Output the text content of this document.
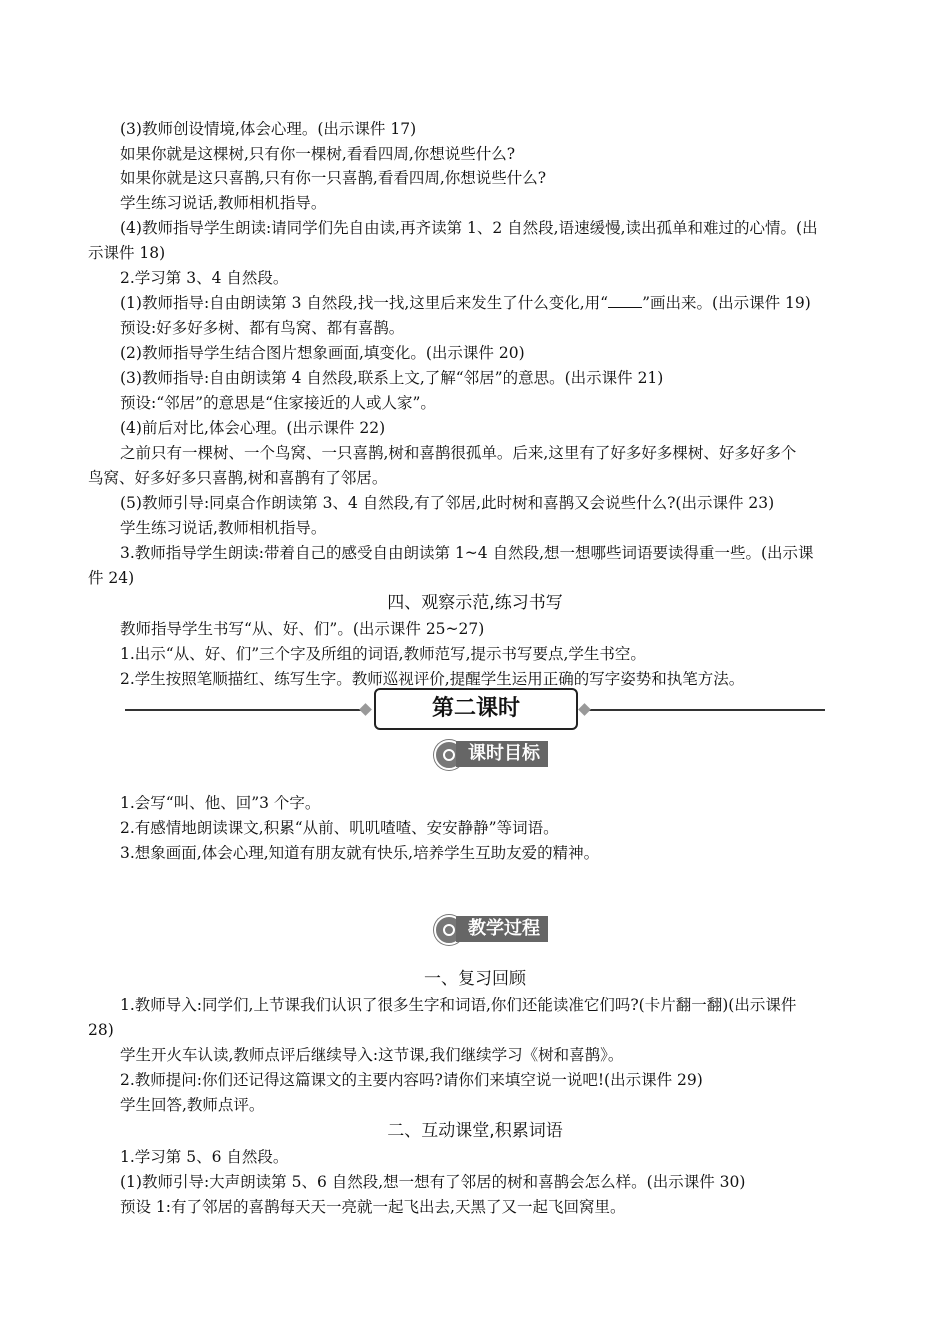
(3)教师创设情境,体会心理。(出示课件 17)
如果你就是这棵树,只有你一棵树,看看四周,你想说些什么?
如果你就是这只喜鹊,只有你一只喜鹊,看看四周,你想说些什么?
学生练习说话,教师相机指导。
(4)教师指导学生朗读:请同学们先自由读,再齐读第 1、2 自然段,语速缓慢,读出孤单和难过的心情。(出
示课件 18)
2.学习第 3、4 自然段。
(1)教师指导:自由朗读第 3 自然段,找一找,这里后来发生了什么变化,用“ ”画出来。(出示课件 19)
预设:好多好多树、都有鸟窝、都有喜鹊。
(2)教师指导学生结合图片想象画面,填变化。(出示课件 20)
(3)教师指导:自由朗读第 4 自然段,联系上文,了解“邻居”的意思。(出示课件 21)
预设:“邻居”的意思是“住家接近的人或人家”。
(4)前后对比,体会心理。(出示课件 22)
之前只有一棵树、一个鸟窝、一只喜鹊,树和喜鹊很孤单。后来,这里有了好多好多棵树、好多好多个
鸟窝、好多好多只喜鹊,树和喜鹊有了邻居。
(5)教师引导:同桌合作朗读第 3、4 自然段,有了邻居,此时树和喜鹊又会说些什么?(出示课件 23)
学生练习说话,教师相机指导。
3.教师指导学生朗读:带着自己的感受自由朗读第 1~4 自然段,想一想哪些词语要读得重一些。(出示课
件 24)
四、观察示范,练习书写
教师指导学生书写“从、好、们”。(出示课件 25~27)
1.出示“从、好、们”三个字及所组的词语,教师范写,提示书写要点,学生书空。
2.学生按照笔顺描红、练写生字。教师巡视评价,提醒学生运用正确的写字姿势和执笔方法。
第二课时
课时目标
1.会写“叫、他、回”3 个字。
2.有感情地朗读课文,积累“从前、叽叽喳喳、安安静静”等词语。
3.想象画面,体会心理,知道有朋友就有快乐,培养学生互助友爱的精神。
教学过程
一、复习回顾
1.教师导入:同学们,上节课我们认识了很多生字和词语,你们还能读准它们吗?(卡片翻一翻)(出示课件
28)
学生开火车认读,教师点评后继续导入:这节课,我们继续学习《树和喜鹊》。
2.教师提问:你们还记得这篇课文的主要内容吗?请你们来填空说一说吧!(出示课件 29)
学生回答,教师点评。
二、互动课堂,积累词语
1.学习第 5、6 自然段。
(1)教师引导:大声朗读第 5、6 自然段,想一想有了邻居的树和喜鹊会怎么样。(出示课件 30)
预设 1:有了邻居的喜鹊每天天一亮就一起飞出去,天黑了又一起飞回窝里。
